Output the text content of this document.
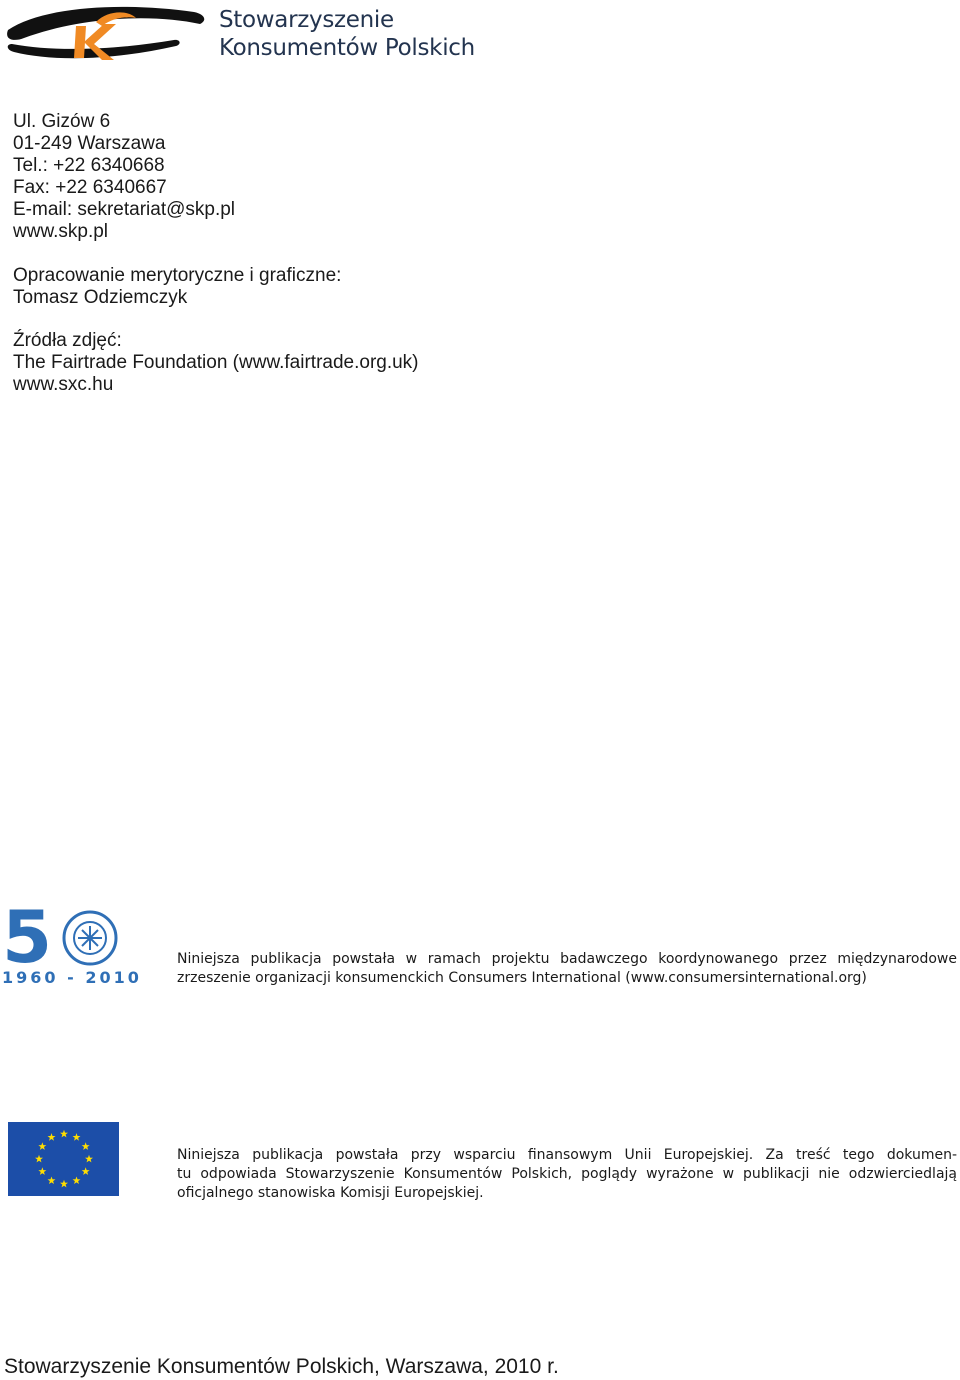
Stowarzyszenie
Konsumentów Polskich
Ul. Gizów 6
01-249 Warszawa
Tel.: +22 6340668
Fax: +22 6340667
E-mail: sekretariat@skp.pl
www.skp.pl
Opracowanie merytoryczne i graficzne:
Tomasz Odziemczyk
Źródła zdjęć:
The Fairtrade Foundation (www.fairtrade.org.uk)
www.sxc.hu
5
1960 - 2010
Niniejsza publikacja powstała w ramach projektu badawczego koordynowanego przez międzynarodowe
zrzeszenie organizacji konsumenckich Consumers International (www.consumersinternational.org)
Niniejsza publikacja powstała przy wsparciu finansowym Unii Europejskiej. Za treść tego dokumen-
tu odpowiada Stowarzyszenie Konsumentów Polskich, poglądy wyrażone w publikacji nie odzwierciedlają
oficjalnego stanowiska Komisji Europejskiej.
Stowarzyszenie Konsumentów Polskich, Warszawa, 2010 r.
